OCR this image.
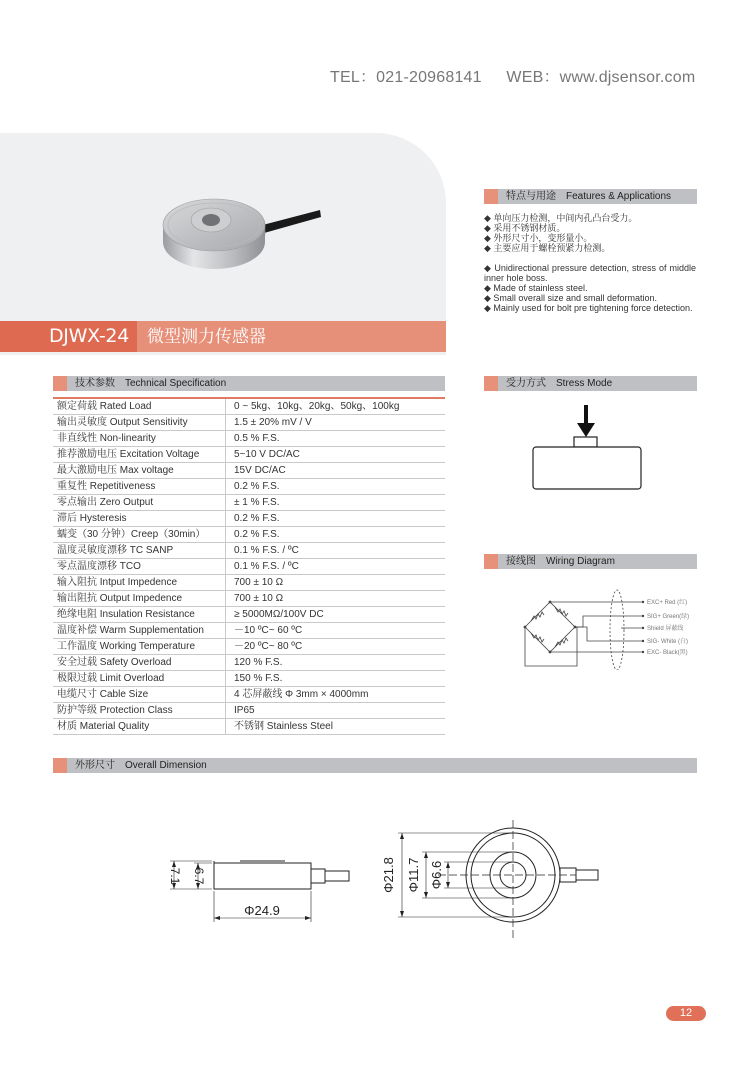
TEL：021-20968141 WEB：www.djsensor.com
DJWX-24	微型测力传感器
特点与用途 Features & Applications
◆ 单向压力检测，中间内孔凸台受力。
◆ 采用不锈钢材质。
◆ 外形尺寸小，变形量小。
◆ 主要应用于螺栓预紧力检测。
◆ Unidirectional pressure detection, stress of middle inner hole boss.
◆ Made of stainless steel.
◆ Small overall size and small deformation.
◆ Mainly used for bolt pre tightening force detection.
技术参数 Technical Specification
额定荷载 Rated Load	0 ~ 5kg、10kg、20kg、50kg、100kg
输出灵敏度 Output Sensitivity	1.5 ± 20% mV / V
非直线性 Non-linearity	0.5 % F.S.
推荐激励电压 Excitation Voltage	5~10 V DC/AC
最大激励电压 Max voltage	15V DC/AC
重复性 Repetitiveness	0.2 % F.S.
零点输出 Zero Output	± 1 % F.S.
滞后 Hysteresis	0.2 % F.S.
蠕变（30 分钟）Creep（30min）	0.2 % F.S.
温度灵敏度漂移 TC SANP	0.1 % F.S. / ºC
零点温度漂移 TCO	0.1 % F.S. / ºC
输入阻抗 Intput Impedence	700 ± 10 Ω
输出阻抗 Output Impedence	700 ± 10 Ω
绝缘电阻 Insulation Resistance	≥ 5000MΩ/100V DC
温度补偿 Warm Supplementation	－10 ºC~ 60 ºC
工作温度 Working Temperature	－20 ºC~ 80 ºC
安全过载 Safety Overload	120 % F.S.
极限过载 Limit Overload	150 % F.S.
电缆尺寸 Cable Size	4 芯屏蔽线 Φ 3mm × 4000mm
防护等级 Protection Class	IP65
材质 Material Quality	不锈钢 Stainless Steel
受力方式 Stress Mode
接线图 Wiring Diagram
EXC+ Red (红)
SIG+ Green(绿)
Shield 屏蔽线
SIG- White (白)
EXC- Black(黑)
外形尺寸 Overall Dimension
7.1 6.7
Φ24.9
Φ21.8 Φ11.7 Φ6.6
12
